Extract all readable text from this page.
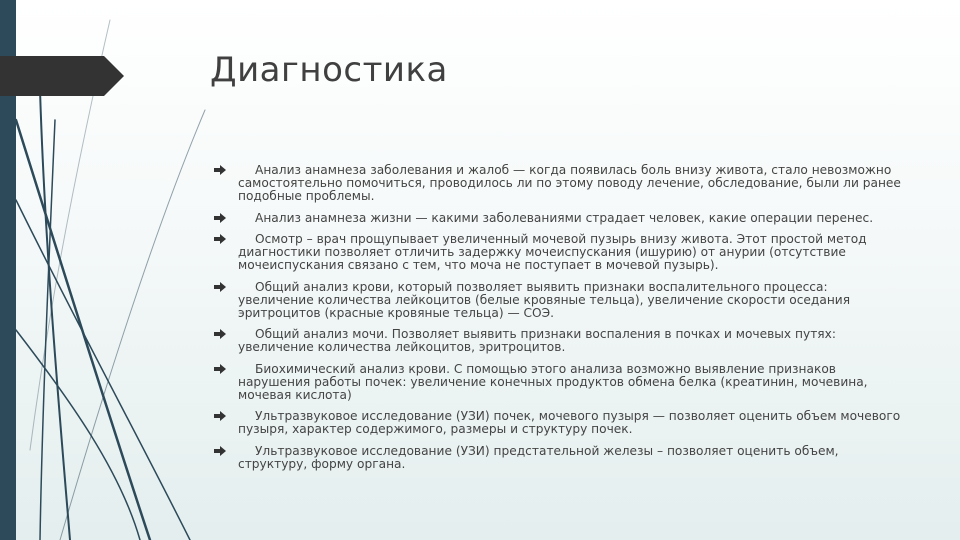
Диагностика
Анализ анамнеза заболевания и жалоб — когда появилась боль внизу живота, стало невозможно самостоятельно помочиться, проводилось ли по этому поводу лечение, обследование, были ли ранее подобные проблемы.
Анализ анамнеза жизни — какими заболеваниями страдает человек, какие операции перенес.
Осмотр – врач прощупывает увеличенный мочевой пузырь внизу живота. Этот простой метод диагностики позволяет отличить задержку мочеиспускания (ишурию) от анурии (отсутствие мочеиспускания связано с тем, что моча не поступает в мочевой пузырь).
Общий анализ крови, который позволяет выявить признаки воспалительного процесса: увеличение количества лейкоцитов (белые кровяные тельца), увеличение скорости оседания эритроцитов (красные кровяные тельца) — СОЭ.
Общий анализ мочи. Позволяет выявить признаки воспаления в почках и мочевых путях: увеличение количества лейкоцитов, эритроцитов.
Биохимический анализ крови. С помощью этого анализа возможно выявление признаков нарушения работы почек: увеличение конечных продуктов обмена белка (креатинин, мочевина, мочевая кислота)
Ультразвуковое исследование (УЗИ) почек, мочевого пузыря — позволяет оценить объем мочевого пузыря, характер содержимого, размеры и структуру почек.
Ультразвуковое исследование (УЗИ) предстательной железы – позволяет оценить объем, структуру, форму органа.
